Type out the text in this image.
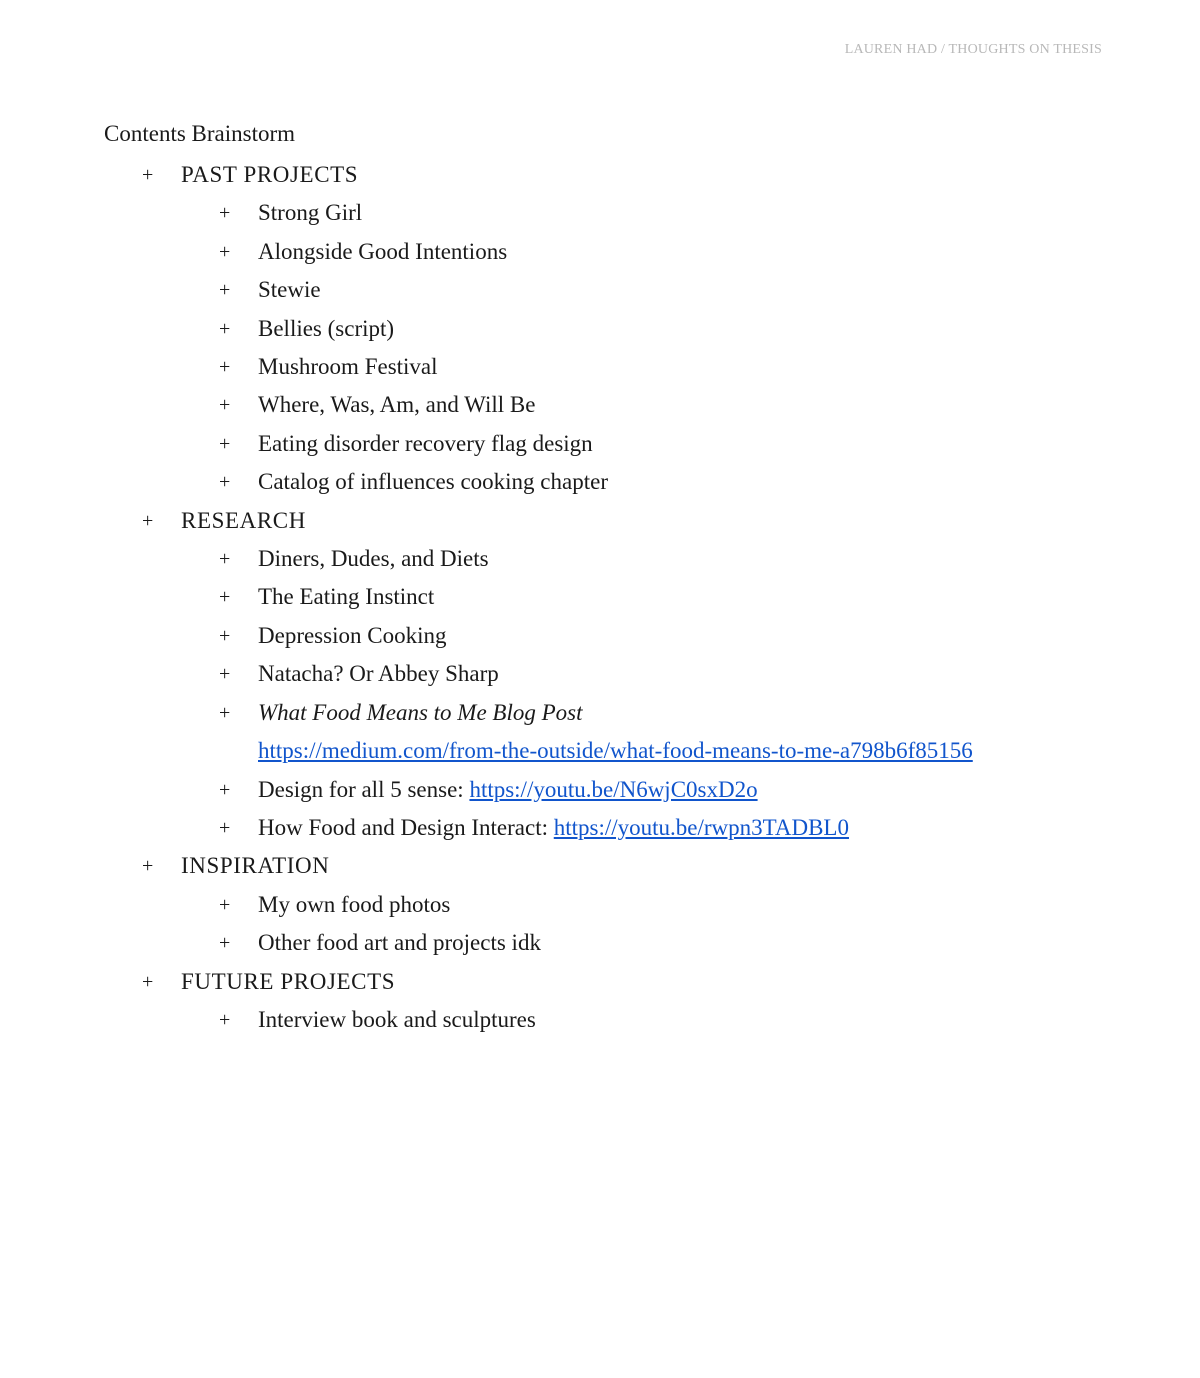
LAUREN HAD / THOUGHTS ON THESIS
Contents Brainstorm
+ PAST PROJECTS
+ Strong Girl
+ Alongside Good Intentions
+ Stewie
+ Bellies (script)
+ Mushroom Festival
+ Where, Was, Am, and Will Be
+ Eating disorder recovery flag design
+ Catalog of influences cooking chapter
+ RESEARCH
+ Diners, Dudes, and Diets
+ The Eating Instinct
+ Depression Cooking
+ Natacha? Or Abbey Sharp
+ What Food Means to Me Blog Post
https://medium.com/from-the-outside/what-food-means-to-me-a798b6f85156
+ Design for all 5 sense: https://youtu.be/N6wjC0sxD2o
+ How Food and Design Interact: https://youtu.be/rwpn3TADBL0
+ INSPIRATION
+ My own food photos
+ Other food art and projects idk
+ FUTURE PROJECTS
+ Interview book and sculptures
